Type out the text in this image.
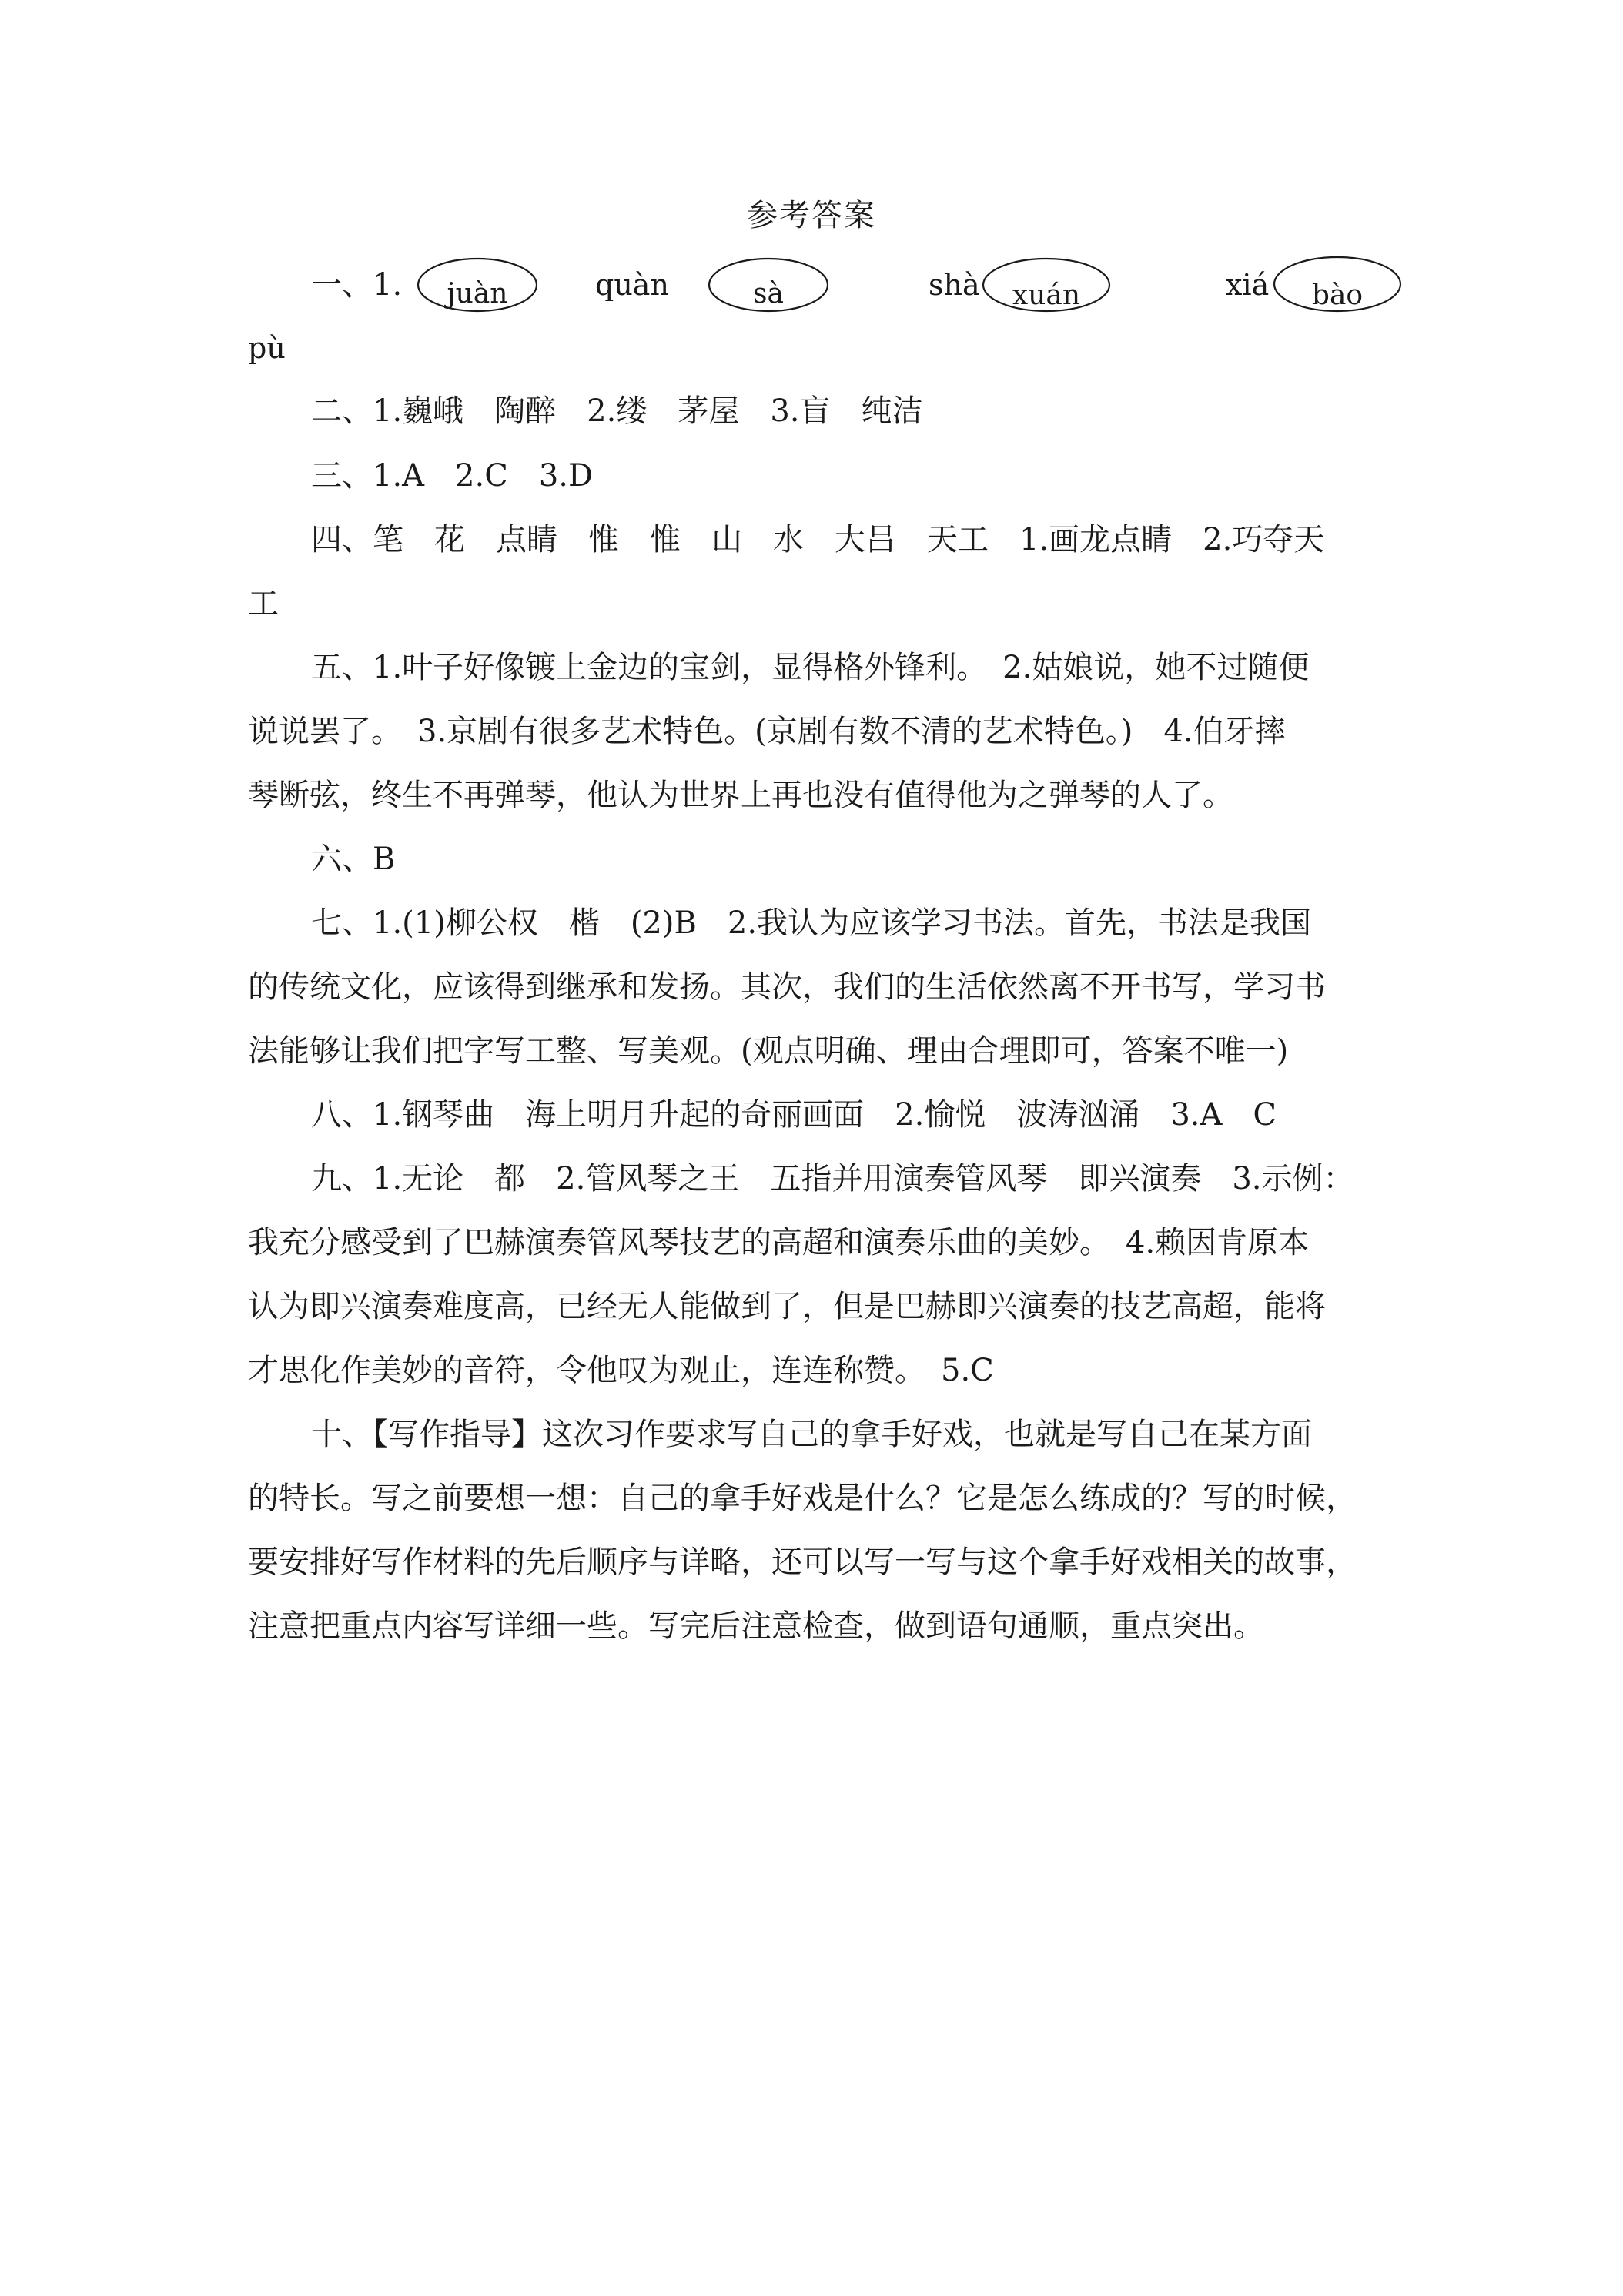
参考答案
一、1.	juàn	quàn	sà	shà	xuán	xiá	bào
pù
二、1.巍峨　陶醉　2.缕　茅屋　3.盲　纯洁
三、1.A　2.C　3.D
四、笔　花　点睛　惟　惟　山　水　大吕　天工　1.画龙点睛　2.巧夺天
工
五、1.叶子好像镀上金边的宝剑，显得格外锋利。　2.姑娘说，她不过随便
说说罢了。　3.京剧有很多艺术特色。(京剧有数不清的艺术特色。)　4.伯牙摔
琴断弦，终生不再弹琴，他认为世界上再也没有值得他为之弹琴的人了。
六、B
七、1.(1)柳公权　楷　(2)B　2.我认为应该学习书法。首先，书法是我国
的传统文化，应该得到继承和发扬。其次，我们的生活依然离不开书写，学习书
法能够让我们把字写工整、写美观。(观点明确、理由合理即可，答案不唯一)
八、1.钢琴曲　海上明月升起的奇丽画面　2.愉悦　波涛汹涌　3.A　C
九、1.无论　都　2.管风琴之王　五指并用演奏管风琴　即兴演奏　3.示例：
我充分感受到了巴赫演奏管风琴技艺的高超和演奏乐曲的美妙。　4.赖因肯原本
认为即兴演奏难度高，已经无人能做到了，但是巴赫即兴演奏的技艺高超，能将
才思化作美妙的音符，令他叹为观止，连连称赞。　5.C
十、【写作指导】这次习作要求写自己的拿手好戏，也就是写自己在某方面
的特长。写之前要想一想：自己的拿手好戏是什么？它是怎么练成的？写的时候，
要安排好写作材料的先后顺序与详略，还可以写一写与这个拿手好戏相关的故事，
注意把重点内容写详细一些。写完后注意检查，做到语句通顺，重点突出。
